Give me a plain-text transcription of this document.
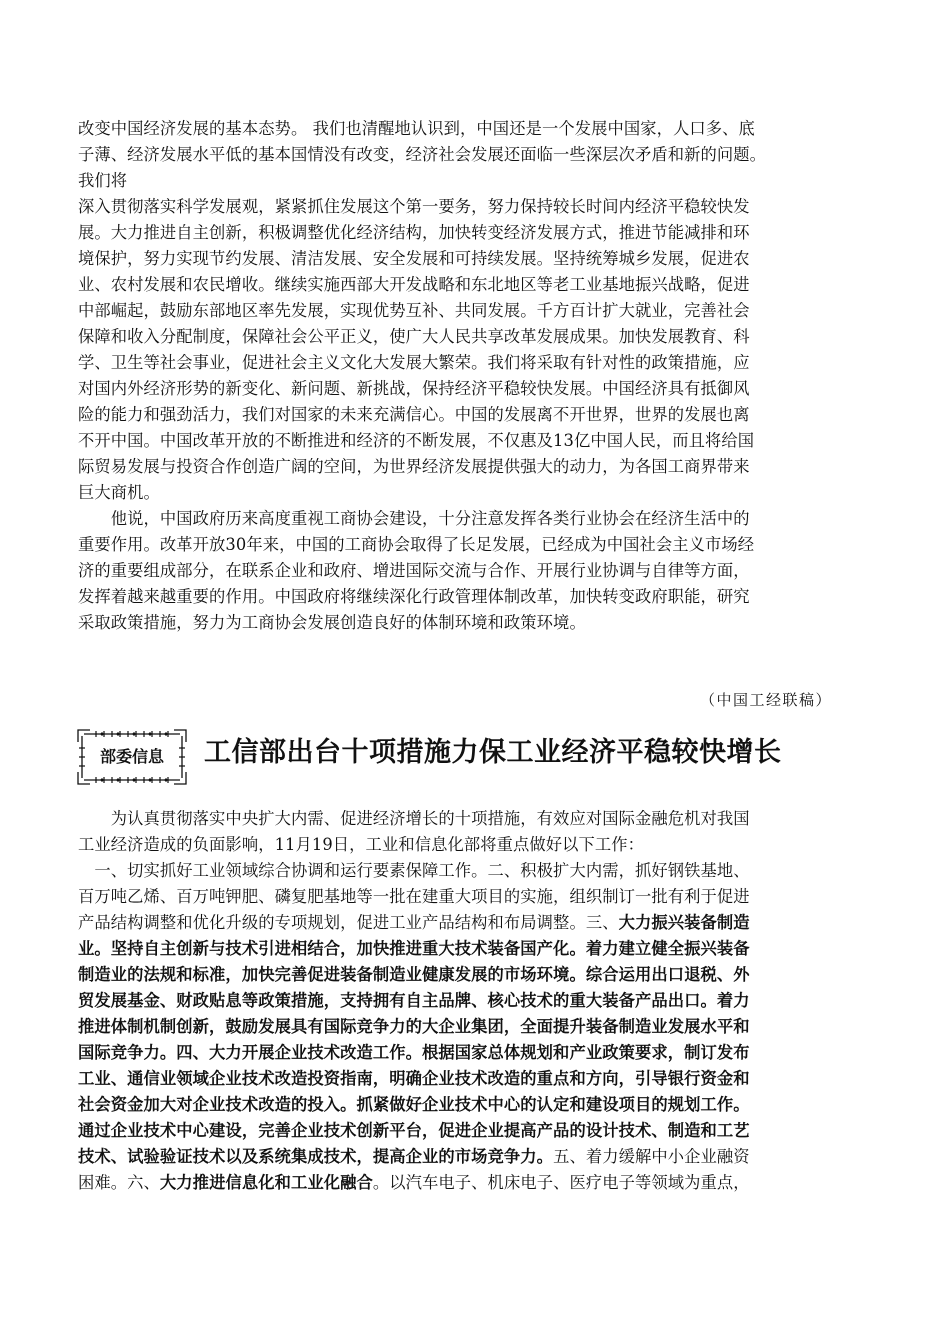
改变中国经济发展的基本态势。 我们也清醒地认识到，中国还是一个发展中国家，人口多、底
子薄、经济发展水平低的基本国情没有改变，经济社会发展还面临一些深层次矛盾和新的问题。
我们将
深入贯彻落实科学发展观，紧紧抓住发展这个第一要务，努力保持较长时间内经济平稳较快发
展。大力推进自主创新，积极调整优化经济结构，加快转变经济发展方式，推进节能减排和环
境保护，努力实现节约发展、清洁发展、安全发展和可持续发展。坚持统筹城乡发展，促进农
业、农村发展和农民增收。继续实施西部大开发战略和东北地区等老工业基地振兴战略，促进
中部崛起，鼓励东部地区率先发展，实现优势互补、共同发展。千方百计扩大就业，完善社会
保障和收入分配制度，保障社会公平正义，使广大人民共享改革发展成果。加快发展教育、科
学、卫生等社会事业，促进社会主义文化大发展大繁荣。我们将采取有针对性的政策措施，应
对国内外经济形势的新变化、新问题、新挑战，保持经济平稳较快发展。中国经济具有抵御风
险的能力和强劲活力，我们对国家的未来充满信心。中国的发展离不开世界，世界的发展也离
不开中国。中国改革开放的不断推进和经济的不断发展，不仅惠及13亿中国人民，而且将给国
际贸易发展与投资合作创造广阔的空间，为世界经济发展提供强大的动力，为各国工商界带来
巨大商机。
　　他说，中国政府历来高度重视工商协会建设，十分注意发挥各类行业协会在经济生活中的
重要作用。改革开放30年来，中国的工商协会取得了长足发展，已经成为中国社会主义市场经
济的重要组成部分，在联系企业和政府、增进国际交流与合作、开展行业协调与自律等方面，
发挥着越来越重要的作用。中国政府将继续深化行政管理体制改革，加快转变政府职能，研究
采取政策措施，努力为工商协会发展创造良好的体制环境和政策环境。
（中国工经联稿）
部委信息	工信部出台十项措施力保工业经济平稳较快增长
　　为认真贯彻落实中央扩大内需、促进经济增长的十项措施，有效应对国际金融危机对我国
工业经济造成的负面影响，11月19日，工业和信息化部将重点做好以下工作：
　一、切实抓好工业领域综合协调和运行要素保障工作。二、积极扩大内需，抓好钢铁基地、
百万吨乙烯、百万吨钾肥、磷复肥基地等一批在建重大项目的实施，组织制订一批有利于促进
产品结构调整和优化升级的专项规划，促进工业产品结构和布局调整。三、大力振兴装备制造
业。坚持自主创新与技术引进相结合，加快推进重大技术装备国产化。着力建立健全振兴装备
制造业的法规和标准，加快完善促进装备制造业健康发展的市场环境。综合运用出口退税、外
贸发展基金、财政贴息等政策措施，支持拥有自主品牌、核心技术的重大装备产品出口。着力
推进体制机制创新，鼓励发展具有国际竞争力的大企业集团，全面提升装备制造业发展水平和
国际竞争力。四、大力开展企业技术改造工作。根据国家总体规划和产业政策要求，制订发布
工业、通信业领域企业技术改造投资指南，明确企业技术改造的重点和方向，引导银行资金和
社会资金加大对企业技术改造的投入。抓紧做好企业技术中心的认定和建设项目的规划工作。
通过企业技术中心建设，完善企业技术创新平台，促进企业提高产品的设计技术、制造和工艺
技术、试验验证技术以及系统集成技术，提高企业的市场竞争力。五、着力缓解中小企业融资
困难。六、大力推进信息化和工业化融合。以汽车电子、机床电子、医疗电子等领域为重点，
